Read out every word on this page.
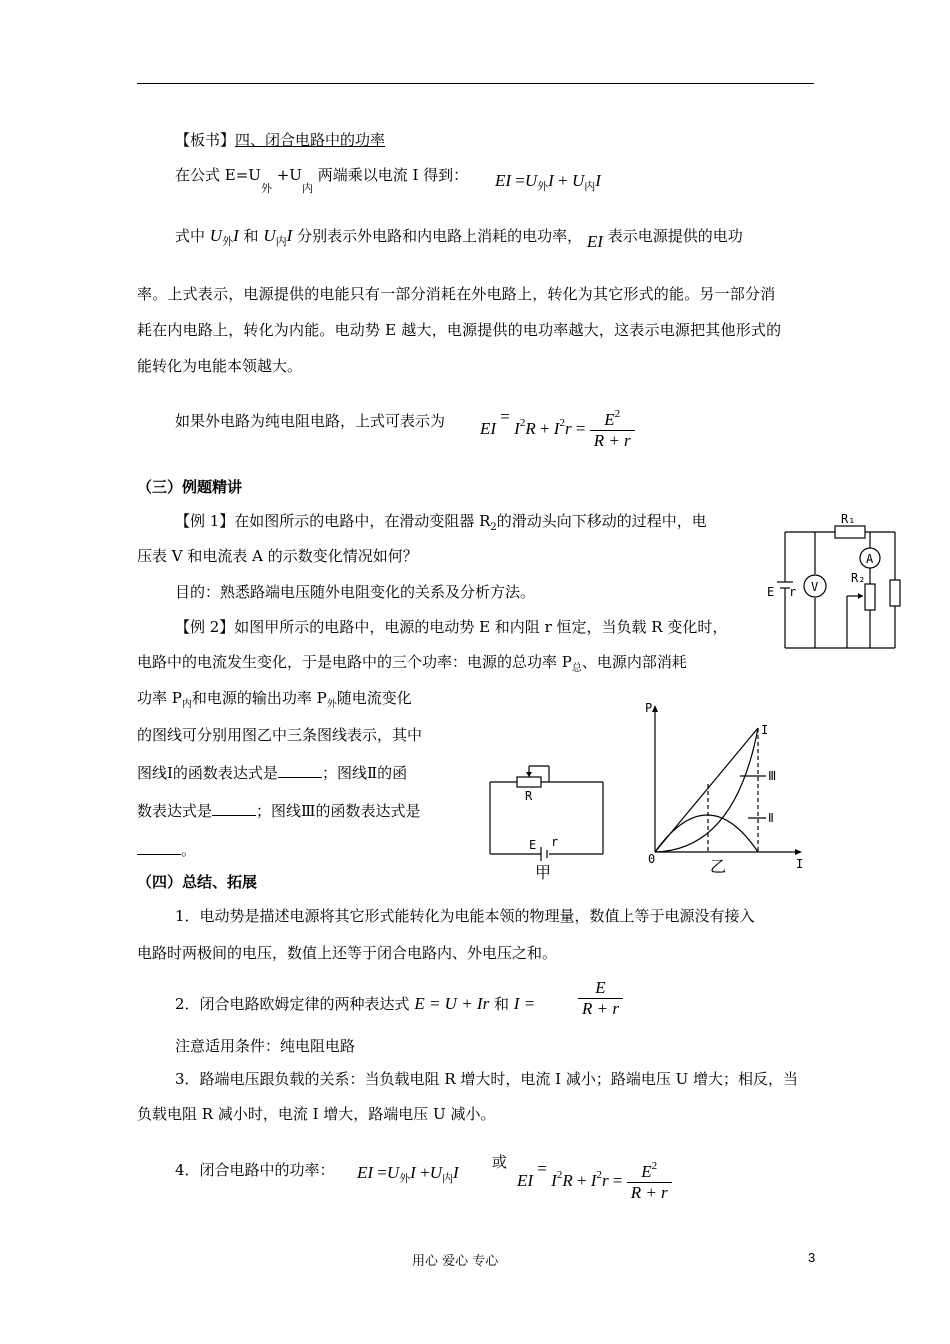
【板书】四、闭合电路中的功率
在公式 $E=U_外 +U_内$ 两端乘以电流 I 得到： EI $=U_外I + U_内I$
式中 $U_外I$ 和 $U_内I$ 分别表示外电路和内电路上消耗的电功率， EI 表示电源提供的电功
率。上式表示，电源提供的电能只有一部分消耗在外电路上，转化为其它形式的能。另一部分消
耗在内电路上，转化为内能。电动势 E 越大，电源提供的电功率越大，这表示电源把其他形式的
能转化为电能本领越大。
如果外电路为纯电阻电路，上式可表示为 EI = $I2R + I2r = \frac{E^2}{R + r}$
（三）例题精讲
【例 1】在如图所示的电路中，在滑动变阻器 $R_2$的滑动头向下移动的过程中，电
压表 V 和电流表 A 的示数变化情况如何？
目的：熟悉路端电压随外电阻变化的关系及分析方法。
【例 2】如图甲所示的电路中，电源的电动势 E 和内阻 r 恒定，当负载 R 变化时，
电路中的电流发生变化，于是电路中的三个功率：电源的总功率 $P_总$、电源内部消耗
功率 $P_内$和电源的输出功率 $P_外$随电流变化
的图线可分别用图乙中三条图线表示，其中
图线Ⅰ的函数表达式是	；图线Ⅱ的函
数表达式是	；图线Ⅲ的函数表达式是
。
V
A
R₁
R₂
E r
R
E r
甲
P
I
0
I
Ⅲ
Ⅱ
乙
（四）总结、拓展
1．电动势是描述电源将其它形式能转化为电能本领的物理量，数值上等于电源没有接入
电路时两极间的电压，数值上还等于闭合电路内、外电压之和。
2．闭合电路欧姆定律的两种表达式 E = U + Ir 和 I =	$\frac{E}{R + r}$
注意适用条件：纯电阻电路
3．路端电压跟负载的关系：当负载电阻 R 增大时，电流 I 减小；路端电压 U 增大；相反，当
负载电阻 R 减小时，电流 I 增大，路端电压 U 减小。
4．闭合电路中的功率： EI $=U_外I +U_内I$
或
EI = $I2R + I2r = \frac{E^2}{R + r}$
用心 爱心 专心	3
